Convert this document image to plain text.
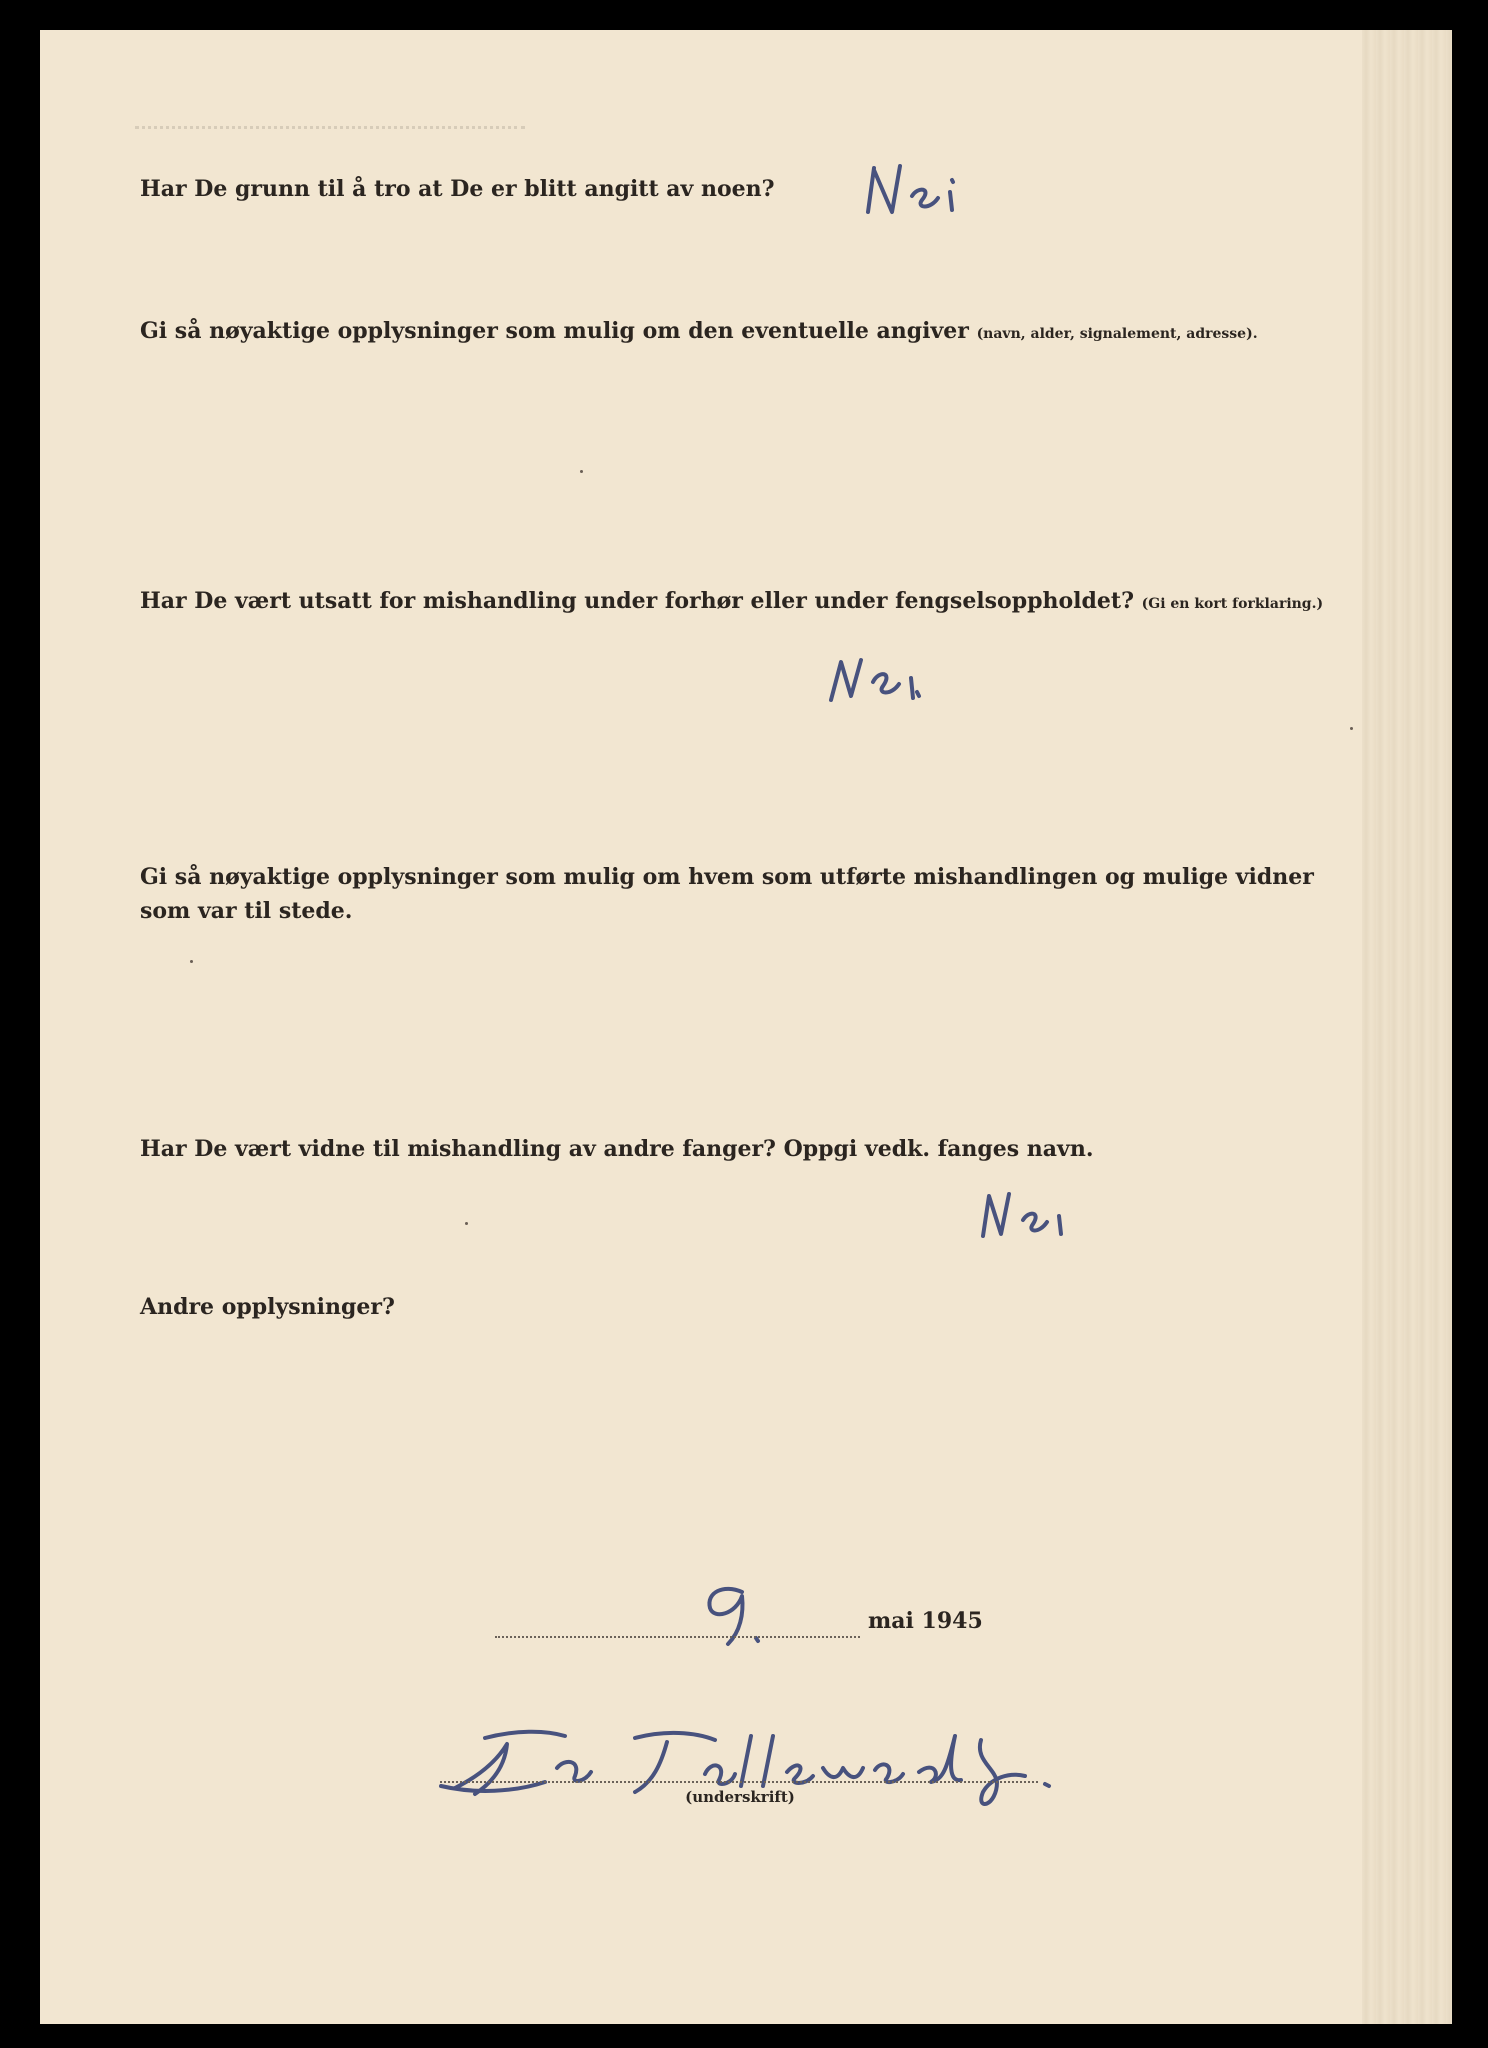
Har De grunn til å tro at De er blitt angitt av noen?
Gi så nøyaktige opplysninger som mulig om den eventuelle angiver (navn, alder, signalement, adresse).
Har De vært utsatt for mishandling under forhør eller under fengselsoppholdet? (Gi en kort forklaring.)
Gi så nøyaktige opplysninger som mulig om hvem som utførte mishandlingen og mulige vidner som var til stede.
Har De vært vidne til mishandling av andre fanger? Oppgi vedk. fanges navn.
Andre opplysninger?
mai 1945
(underskrift)
